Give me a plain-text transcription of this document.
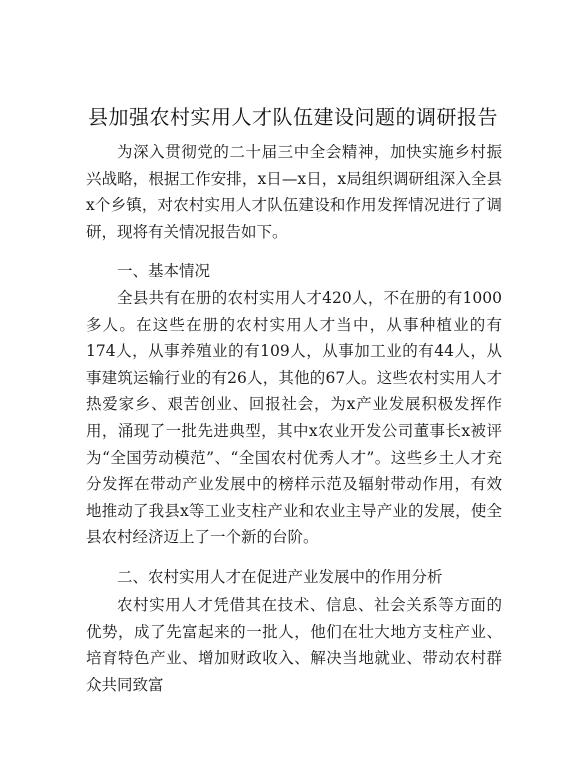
县加强农村实用人才队伍建设问题的调研报告

为深入贯彻党的二十届三中全会精神，加快实施乡村振兴战略，根据工作安排，x日—x日，x局组织调研组深入全县x个乡镇，对农村实用人才队伍建设和作用发挥情况进行了调研，现将有关情况报告如下。

一、基本情况

全县共有在册的农村实用人才420人，不在册的有1000多人。在这些在册的农村实用人才当中，从事种植业的有174人，从事养殖业的有109人，从事加工业的有44人，从事建筑运输行业的有26人，其他的67人。这些农村实用人才热爱家乡、艰苦创业、回报社会，为x产业发展积极发挥作用，涌现了一批先进典型，其中x农业开发公司董事长x被评为“全国劳动模范”、“全国农村优秀人才”。这些乡土人才充分发挥在带动产业发展中的榜样示范及辐射带动作用，有效地推动了我县x等工业支柱产业和农业主导产业的发展，使全县农村经济迈上了一个新的台阶。

二、农村实用人才在促进产业发展中的作用分析

农村实用人才凭借其在技术、信息、社会关系等方面的优势，成了先富起来的一批人，他们在壮大地方支柱产业、培育特色产业、增加财政收入、解决当地就业、带动农村群众共同致富
